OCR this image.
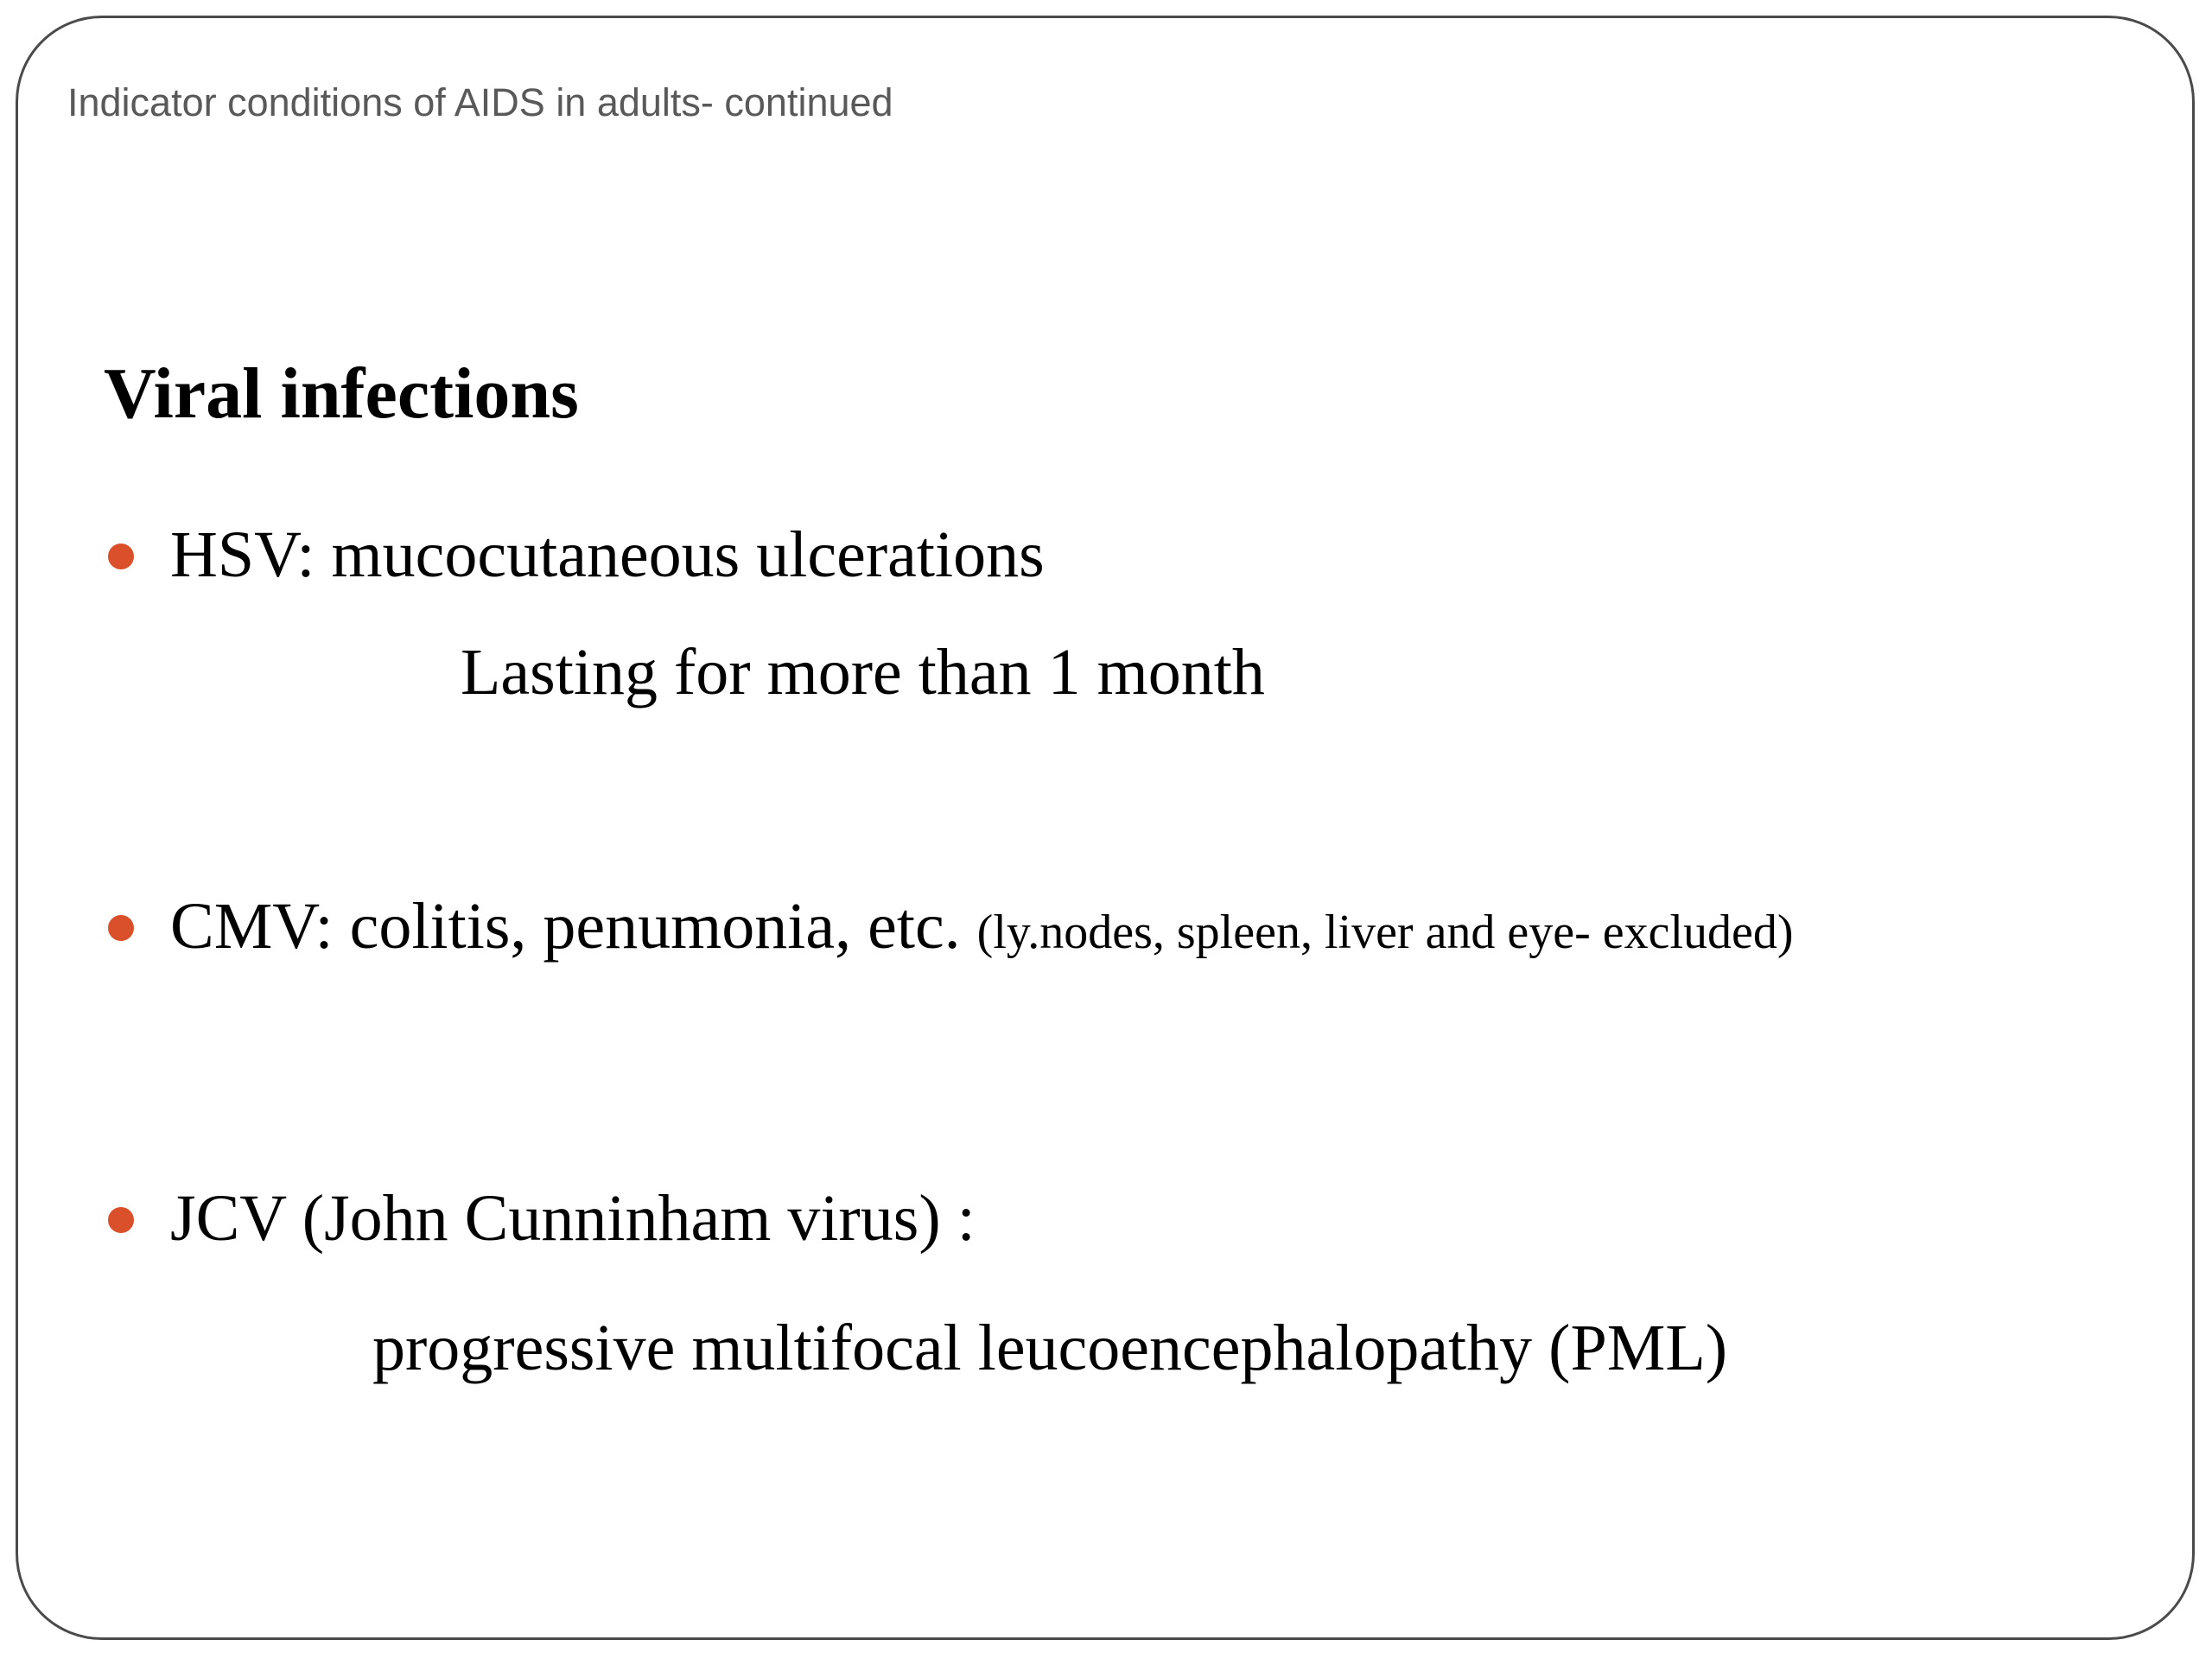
Indicator conditions of AIDS in adults- continued
Viral infections
HSV: mucocutaneous ulcerations
Lasting for more than 1 month
CMV: colitis, penumonia, etc. (ly.nodes, spleen, liver and eye- excluded)
JCV (John Cunninham virus) :
progressive multifocal leucoencephalopathy (PML)
